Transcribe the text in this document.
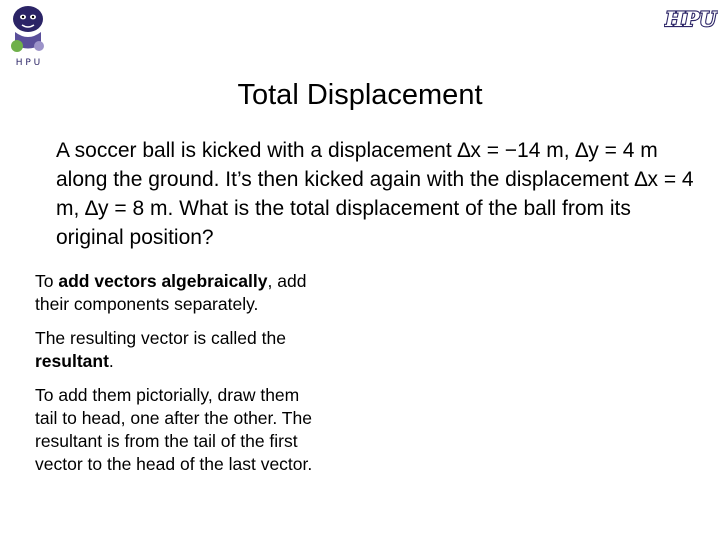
H P U
HPU
Total Displacement
A soccer ball is kicked with a displacement ∆x = −14 m, ∆y = 4 m along the ground. It’s then kicked again with the displacement ∆x = 4 m, ∆y = 8 m. What is the total displacement of the ball from its original position?

To add vectors algebraically, add their components separately.

The resulting vector is called the resultant.

To add them pictorially, draw them tail to head, one after the other. The resultant is from the tail of the first vector to the head of the last vector.
